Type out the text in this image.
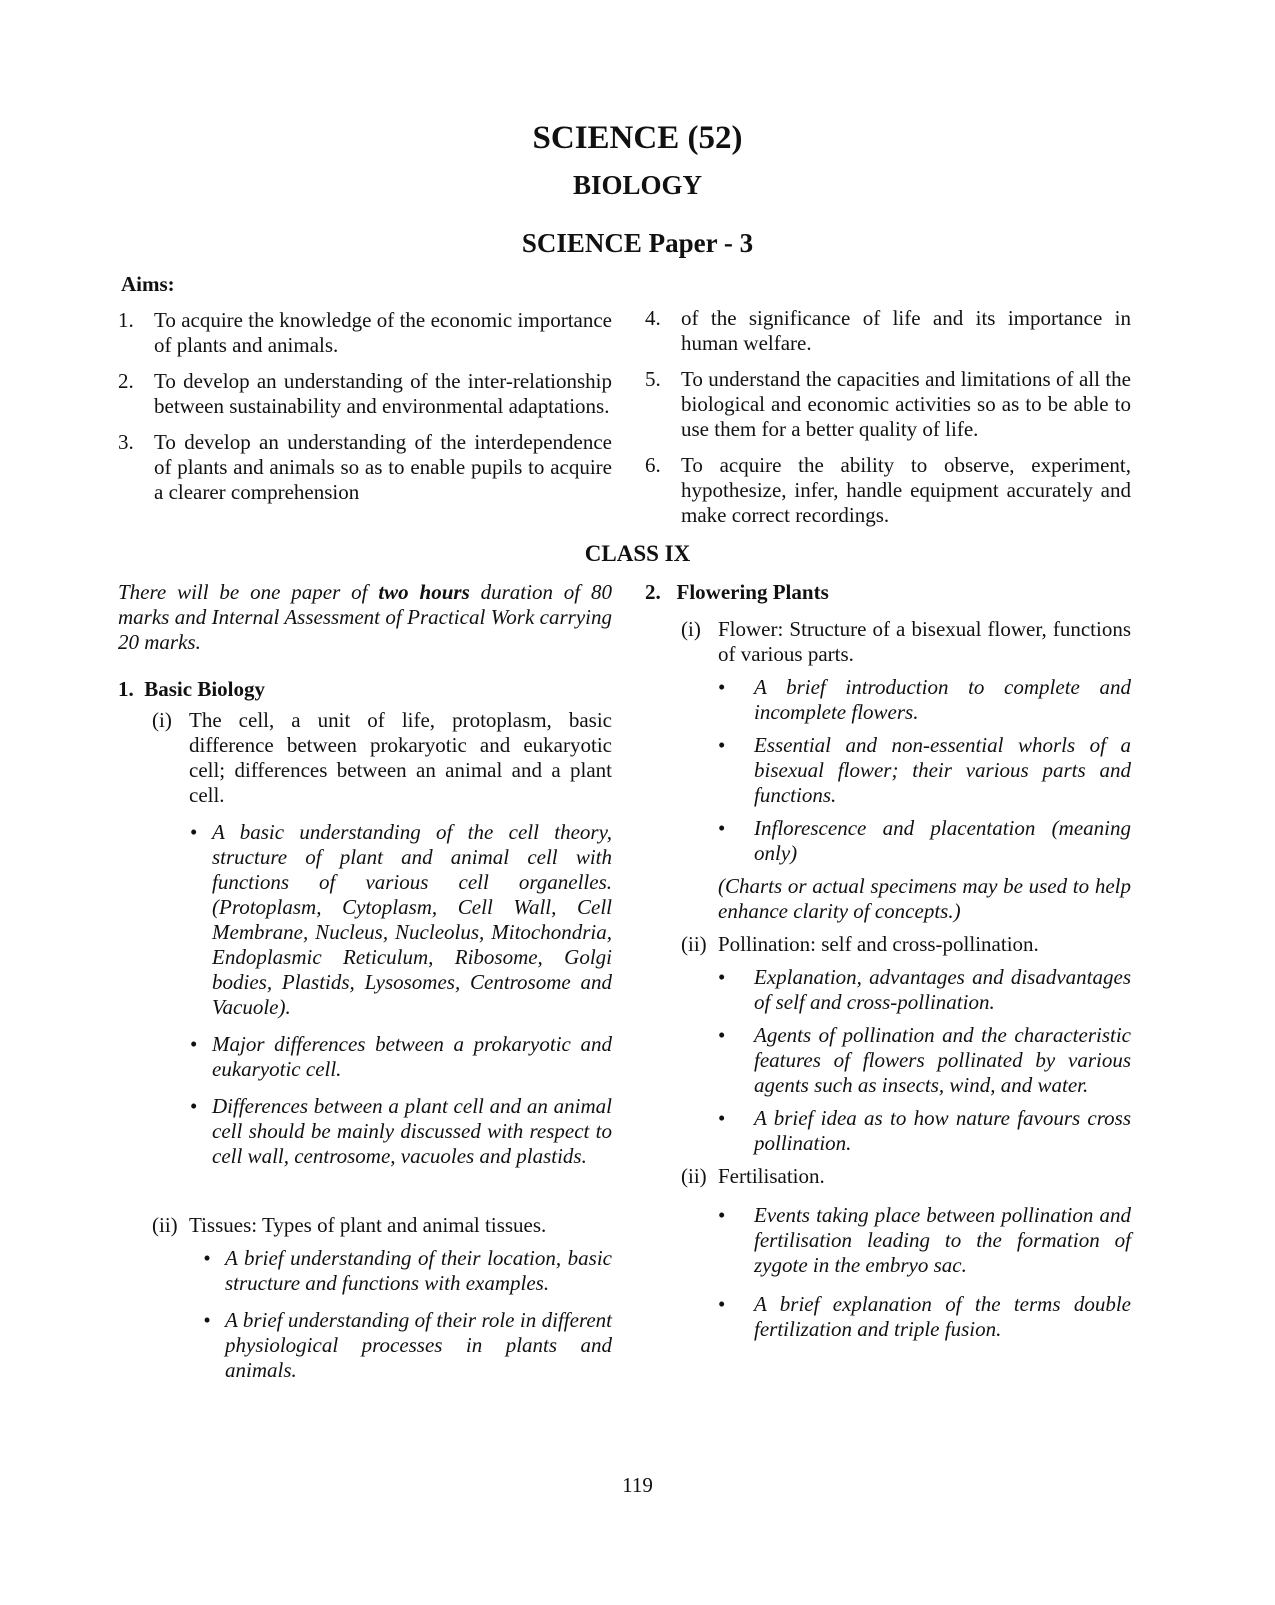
SCIENCE (52)
BIOLOGY
SCIENCE Paper - 3
Aims:
1. To acquire the knowledge of the economic importance of plants and animals.
2. To develop an understanding of the inter-relationship between sustainability and environmental adaptations.
3. To develop an understanding of the interdependence of plants and animals so as to enable pupils to acquire a clearer comprehension
4. of the significance of life and its importance in human welfare.
5. To understand the capacities and limitations of all the biological and economic activities so as to be able to use them for a better quality of life.
6. To acquire the ability to observe, experiment, hypothesize, infer, handle equipment accurately and make correct recordings.
CLASS IX

There will be one paper of two hours duration of 80 marks and Internal Assessment of Practical Work carrying 20 marks.

1. Basic Biology
(i) The cell, a unit of life, protoplasm, basic difference between prokaryotic and eukaryotic cell; differences between an animal and a plant cell.
• A basic understanding of the cell theory, structure of plant and animal cell with functions of various cell organelles. (Protoplasm, Cytoplasm, Cell Wall, Cell Membrane, Nucleus, Nucleolus, Mitochondria, Endoplasmic Reticulum, Ribosome, Golgi bodies, Plastids, Lysosomes, Centrosome and Vacuole).
• Major differences between a prokaryotic and eukaryotic cell.
• Differences between a plant cell and an animal cell should be mainly discussed with respect to cell wall, centrosome, vacuoles and plastids.
(ii) Tissues: Types of plant and animal tissues.
• A brief understanding of their location, basic structure and functions with examples.
• A brief understanding of their role in different physiological processes in plants and animals.
2. Flowering Plants
(i) Flower: Structure of a bisexual flower, functions of various parts.
•	A brief introduction to complete and incomplete flowers.
•	Essential and non-essential whorls of a bisexual flower; their various parts and functions.
•	Inflorescence and placentation (meaning only)

(Charts or actual specimens may be used to help enhance clarity of concepts.)

(ii) Pollination: self and cross-pollination.
•	Explanation, advantages and disadvantages of self and cross-pollination.
•	Agents of pollination and the characteristic features of flowers pollinated by various agents such as insects, wind, and water.
•	A brief idea as to how nature favours cross pollination.
(ii) Fertilisation.
•	Events taking place between pollination and fertilisation leading to the formation of zygote in the embryo sac.
•	A brief explanation of the terms double fertilization and triple fusion.
119
